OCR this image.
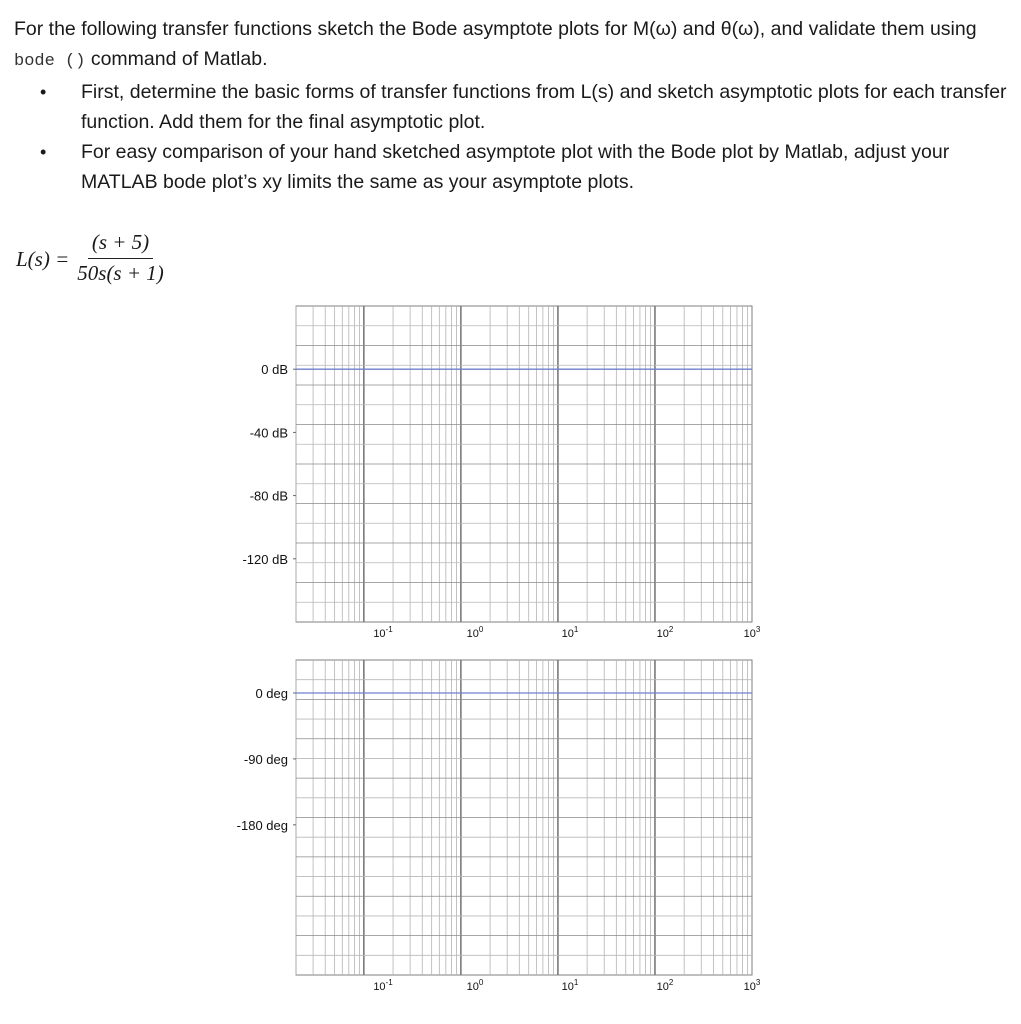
For the following transfer functions sketch the Bode asymptote plots for M(ω) and θ(ω), and validate them using bode () command of Matlab.

• First, determine the basic forms of transfer functions from L(s) and sketch asymptotic plots for each transfer function. Add them for the final asymptotic plot.
• For easy comparison of your hand sketched asymptote plot with the Bode plot by Matlab, adjust your MATLAB bode plot’s xy limits the same as your asymptote plots.
$L(s) = \frac{(s + 5)}{50s(s + 1)}$
0 dB
-40 dB
-80 dB
-120 dB
$10^{-1}$	$10^0$	$10^1$	$10^2$	$10^3$
0 deg
-90 deg
-180 deg
$10^{-1}$	$10^0$	$10^1$	$10^2$	$10^3$
